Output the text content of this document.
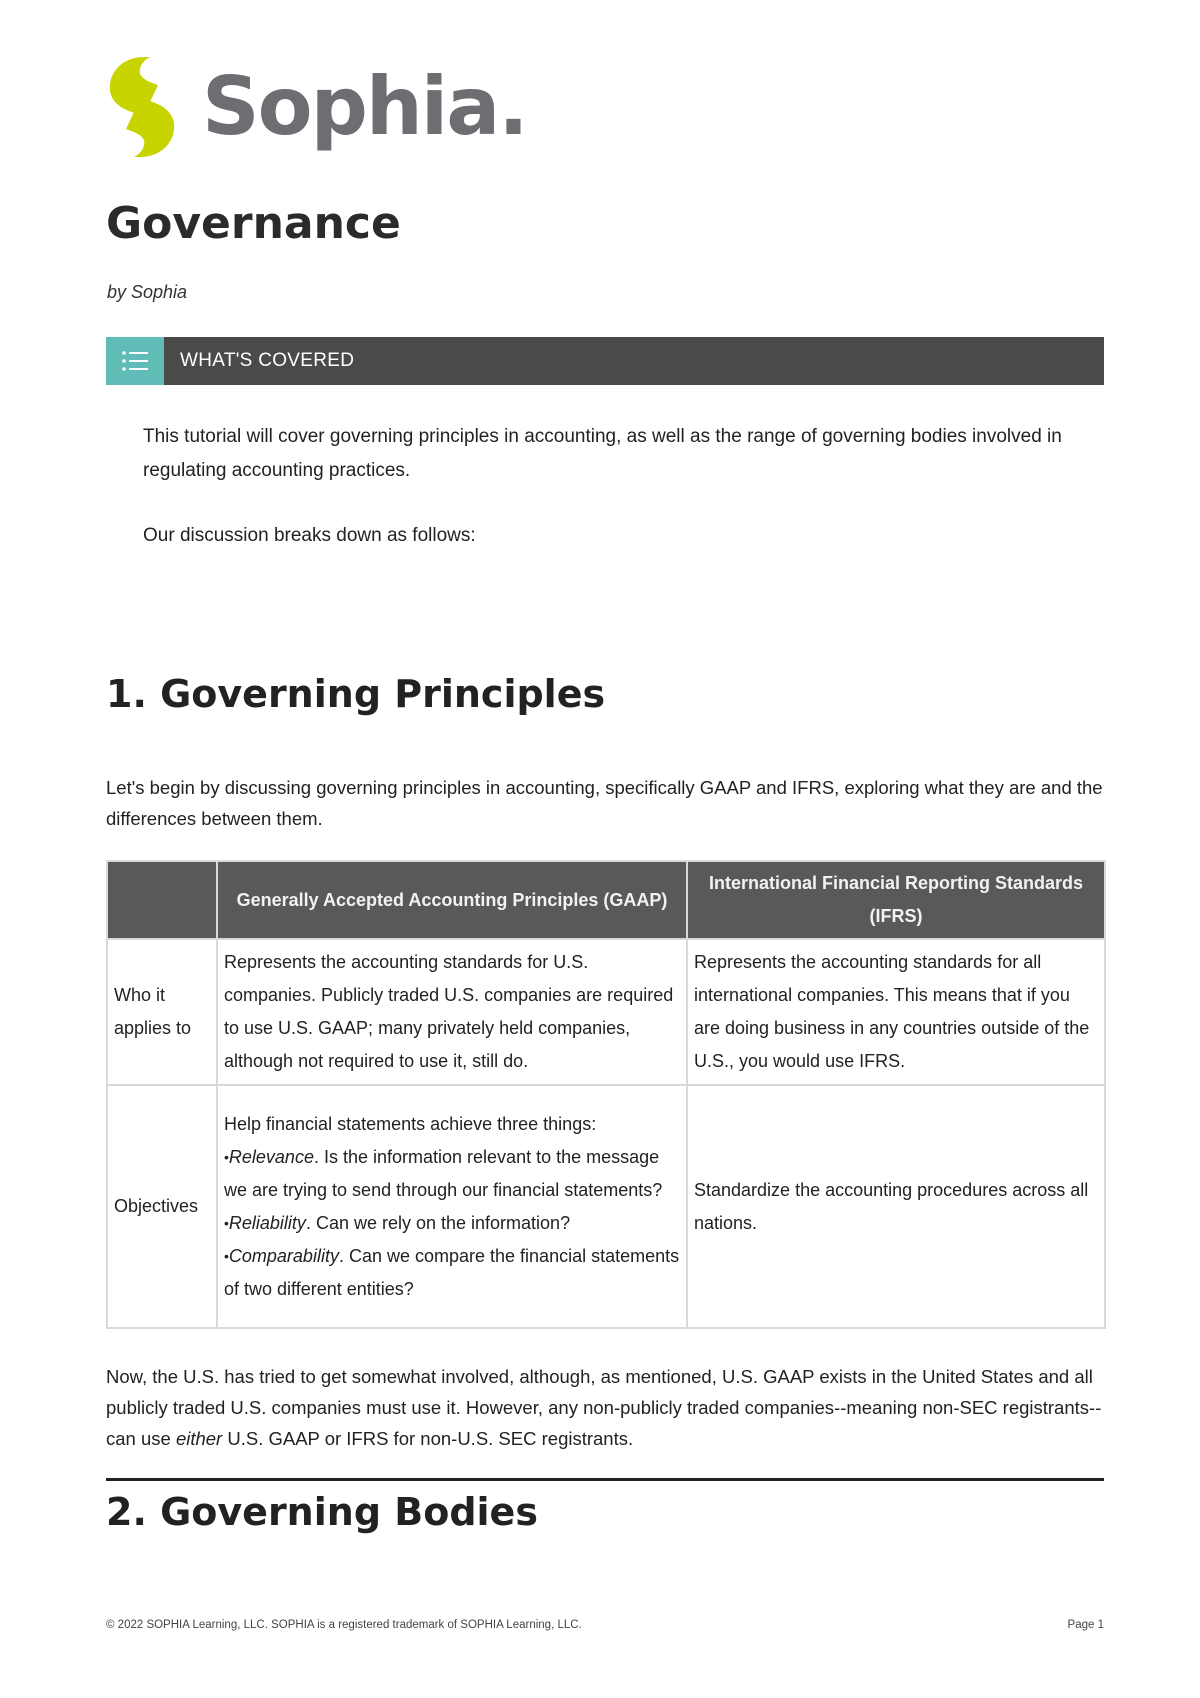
Sophia.
Governance
by Sophia
WHAT'S COVERED

This tutorial will cover governing principles in accounting, as well as the range of governing bodies involved in regulating accounting practices.

Our discussion breaks down as follows:

1. Governing Principles

Let's begin by discussing governing principles in accounting, specifically GAAP and IFRS, exploring what they are and the differences between them.

	Generally Accepted Accounting Principles (GAAP)	International Financial Reporting Standards (IFRS)
Who it applies to	Represents the accounting standards for U.S. companies. Publicly traded U.S. companies are required to use U.S. GAAP; many privately held companies, although not required to use it, still do.	Represents the accounting standards for all international companies. This means that if you are doing business in any countries outside of the U.S., you would use IFRS.
Objectives	Help financial statements achieve three things:
•Relevance. Is the information relevant to the message we are trying to send through our financial statements?
•Reliability. Can we rely on the information?
•Comparability. Can we compare the financial statements of two different entities?	Standardize the accounting procedures across all nations.

Now, the U.S. has tried to get somewhat involved, although, as mentioned, U.S. GAAP exists in the United States and all publicly traded U.S. companies must use it. However, any non-publicly traded companies--meaning non-SEC registrants--can use either U.S. GAAP or IFRS for non-U.S. SEC registrants.

2. Governing Bodies
© 2022 SOPHIA Learning, LLC. SOPHIA is a registered trademark of SOPHIA Learning, LLC.	Page 1
